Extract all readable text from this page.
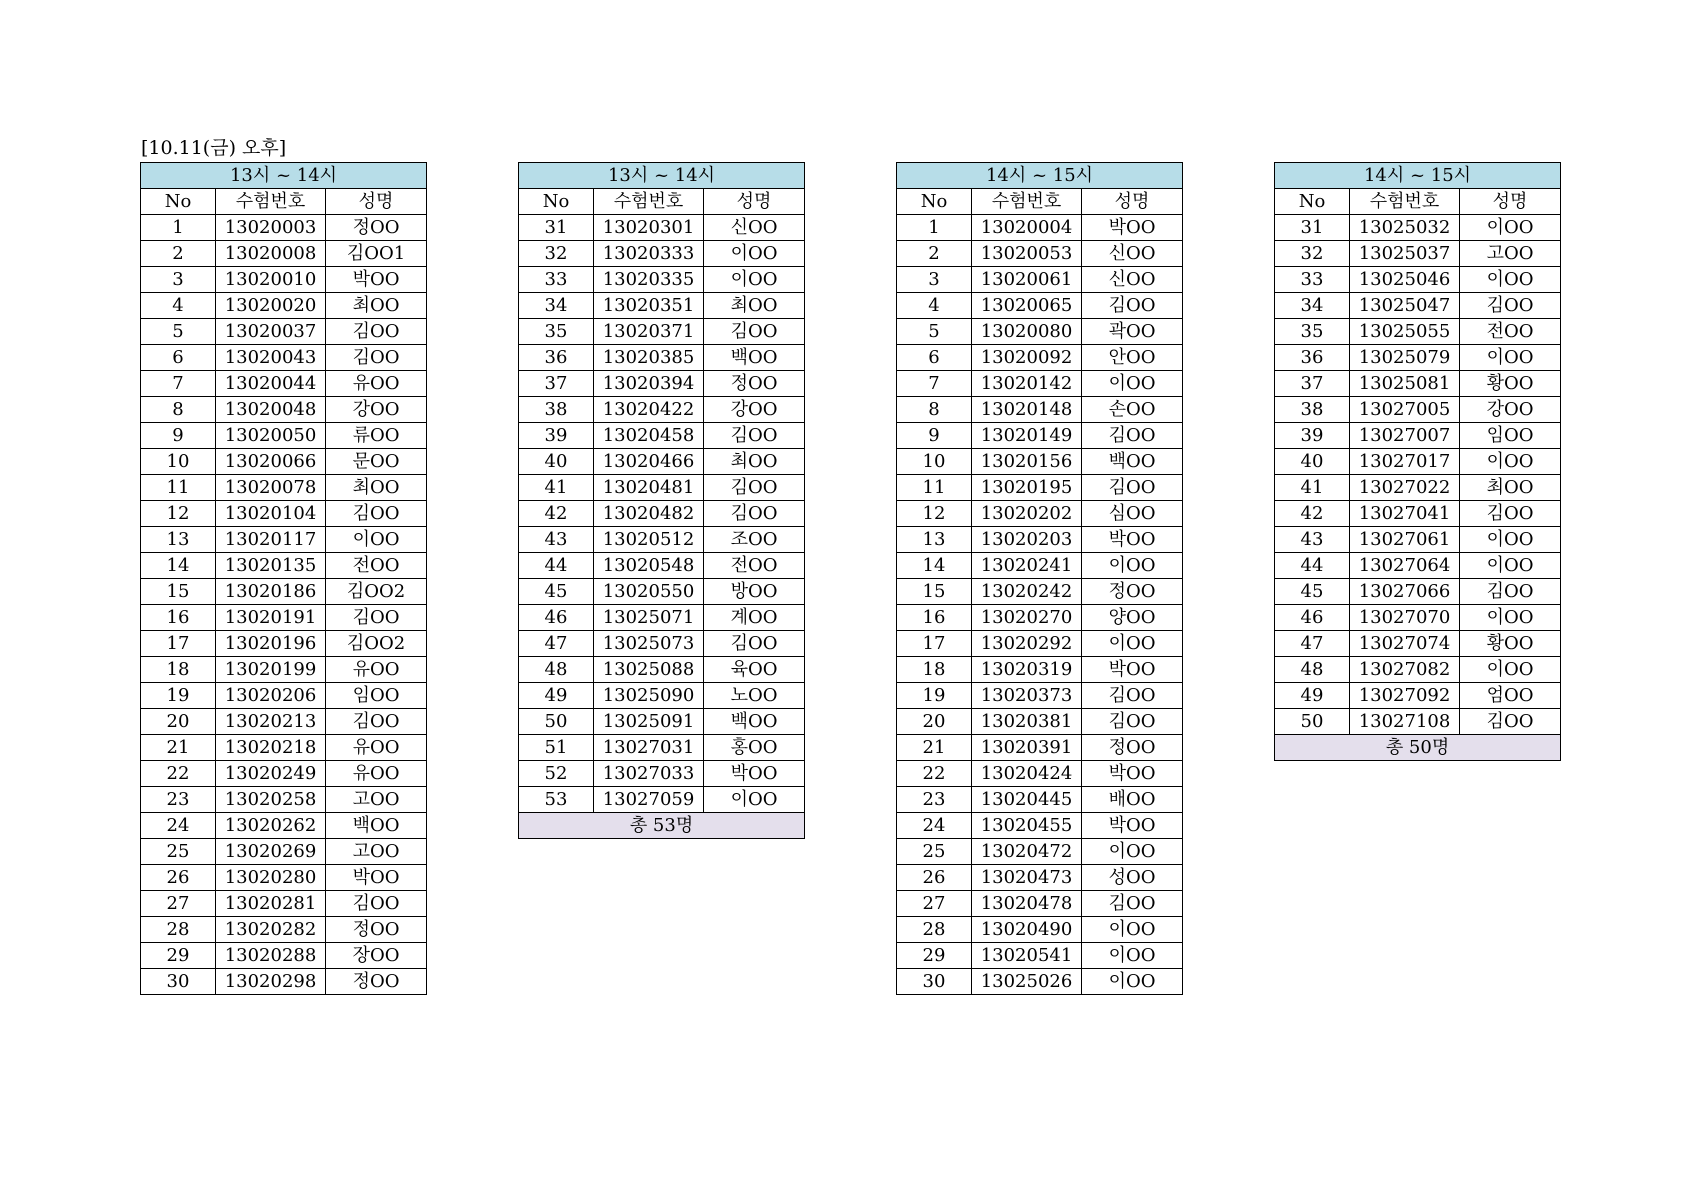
[10.11(금) 오후]
13시 ~ 14시		
No	수험번호	성명
1	13020003	정OO
2	13020008	김OO1
3	13020010	박OO
4	13020020	최OO
5	13020037	김OO
6	13020043	김OO
7	13020044	유OO
8	13020048	강OO
9	13020050	류OO
10	13020066	문OO
11	13020078	최OO
12	13020104	김OO
13	13020117	이OO
14	13020135	전OO
15	13020186	김OO2
16	13020191	김OO
17	13020196	김OO2
18	13020199	유OO
19	13020206	임OO
20	13020213	김OO
21	13020218	유OO
22	13020249	유OO
23	13020258	고OO
24	13020262	백OO
25	13020269	고OO
26	13020280	박OO
27	13020281	김OO
28	13020282	정OO
29	13020288	장OO
30	13020298	정OO
13시 ~ 14시		
No	수험번호	성명
31	13020301	신OO
32	13020333	이OO
33	13020335	이OO
34	13020351	최OO
35	13020371	김OO
36	13020385	백OO
37	13020394	정OO
38	13020422	강OO
39	13020458	김OO
40	13020466	최OO
41	13020481	김OO
42	13020482	김OO
43	13020512	조OO
44	13020548	전OO
45	13020550	방OO
46	13025071	계OO
47	13025073	김OO
48	13025088	육OO
49	13025090	노OO
50	13025091	백OO
51	13027031	홍OO
52	13027033	박OO
53	13027059	이OO
총 53명		
14시 ~ 15시		
No	수험번호	성명
1	13020004	박OO
2	13020053	신OO
3	13020061	신OO
4	13020065	김OO
5	13020080	곽OO
6	13020092	안OO
7	13020142	이OO
8	13020148	손OO
9	13020149	김OO
10	13020156	백OO
11	13020195	김OO
12	13020202	심OO
13	13020203	박OO
14	13020241	이OO
15	13020242	정OO
16	13020270	양OO
17	13020292	이OO
18	13020319	박OO
19	13020373	김OO
20	13020381	김OO
21	13020391	정OO
22	13020424	박OO
23	13020445	배OO
24	13020455	박OO
25	13020472	이OO
26	13020473	성OO
27	13020478	김OO
28	13020490	이OO
29	13020541	이OO
30	13025026	이OO
14시 ~ 15시		
No	수험번호	성명
31	13025032	이OO
32	13025037	고OO
33	13025046	이OO
34	13025047	김OO
35	13025055	전OO
36	13025079	이OO
37	13025081	황OO
38	13027005	강OO
39	13027007	임OO
40	13027017	이OO
41	13027022	최OO
42	13027041	김OO
43	13027061	이OO
44	13027064	이OO
45	13027066	김OO
46	13027070	이OO
47	13027074	황OO
48	13027082	이OO
49	13027092	엄OO
50	13027108	김OO
총 50명		
